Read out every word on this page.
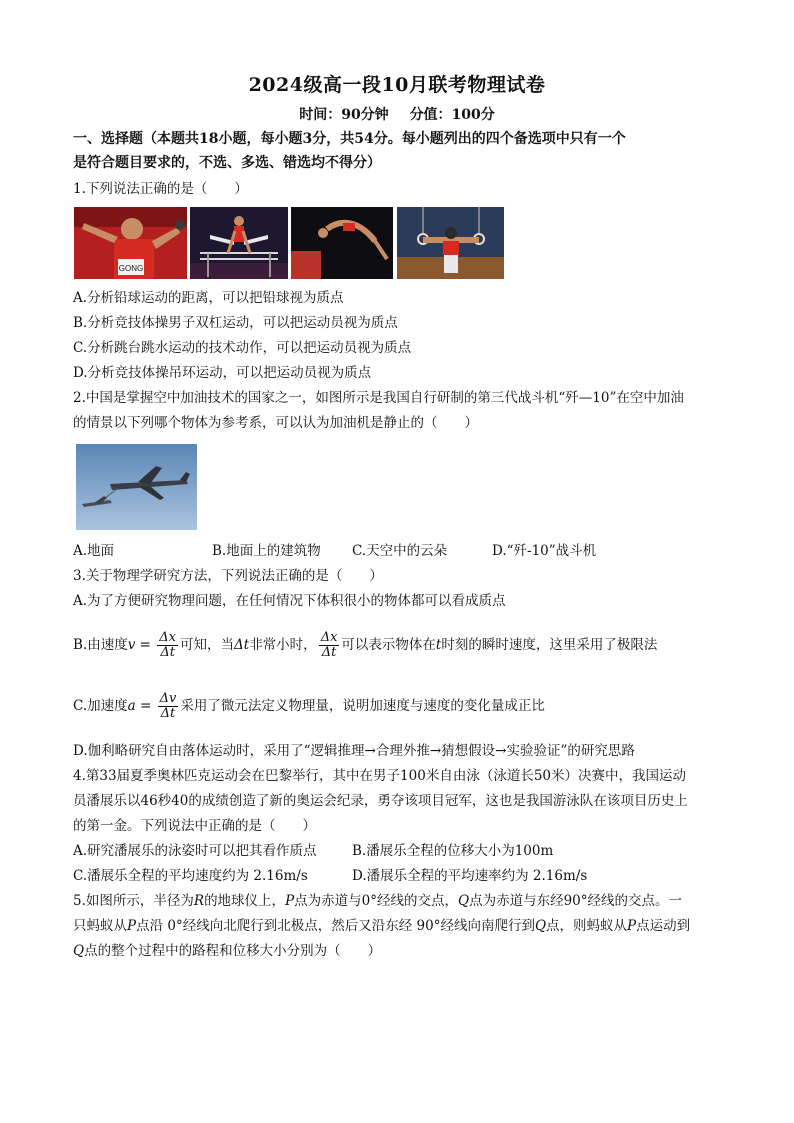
2024级高一段10月联考物理试卷
时间：90分钟 分值：100分
一、选择题（本题共18小题，每小题3分，共54分。每小题列出的四个备选项中只有一个
是符合题目要求的，不选、多选、错选均不得分）
1.下列说法正确的是（　　）
GONG
A.分析铅球运动的距离，可以把铅球视为质点
B.分析竞技体操男子双杠运动，可以把运动员视为质点
C.分析跳台跳水运动的技术动作，可以把运动员视为质点
D.分析竞技体操吊环运动，可以把运动员视为质点
2.中国是掌握空中加油技术的国家之一，如图所示是我国自行研制的第三代战斗机“歼—10”在空中加油
的情景以下列哪个物体为参考系，可以认为加油机是静止的（　　）
A.地面	B.地面上的建筑物 C.天空中的云朵	D.“歼-10”战斗机
3.关于物理学研究方法，下列说法正确的是（　　）
A.为了方便研究物理问题，在任何情况下体积很小的物体都可以看成质点
B.由速度$v = \frac{\Delta x}{\Delta t}$ 可知，当Δt非常小时， $\frac{\Delta x}{\Delta t}$ 可以表示物体在t时刻的瞬时速度，这里采用了极限法
C.加速度$a = \frac{\Delta v}{\Delta t}$ 采用了微元法定义物理量，说明加速度与速度的变化量成正比
D.伽利略研究自由落体运动时，采用了“逻辑推理→合理外推→猜想假设→实验验证”的研究思路
4.第33届夏季奥林匹克运动会在巴黎举行，其中在男子100米自由泳（泳道长50米）决赛中，我国运动
员潘展乐以46秒40的成绩创造了新的奥运会纪录，勇夺该项目冠军，这也是我国游泳队在该项目历史上
的第一金。下列说法中正确的是（　　）
A.研究潘展乐的泳姿时可以把其看作质点	B.潘展乐全程的位移大小为100m
C.潘展乐全程的平均速度约为 2.16m/s	D.潘展乐全程的平均速率约为 2.16m/s
5.如图所示，半径为R的地球仪上，P点为赤道与0°经线的交点，Q点为赤道与东经90°经线的交点。一
只蚂蚁从P点沿 0°经线向北爬行到北极点，然后又沿东经 90°经线向南爬行到Q点，则蚂蚁从P点运动到
Q点的整个过程中的路程和位移大小分别为（　　）
